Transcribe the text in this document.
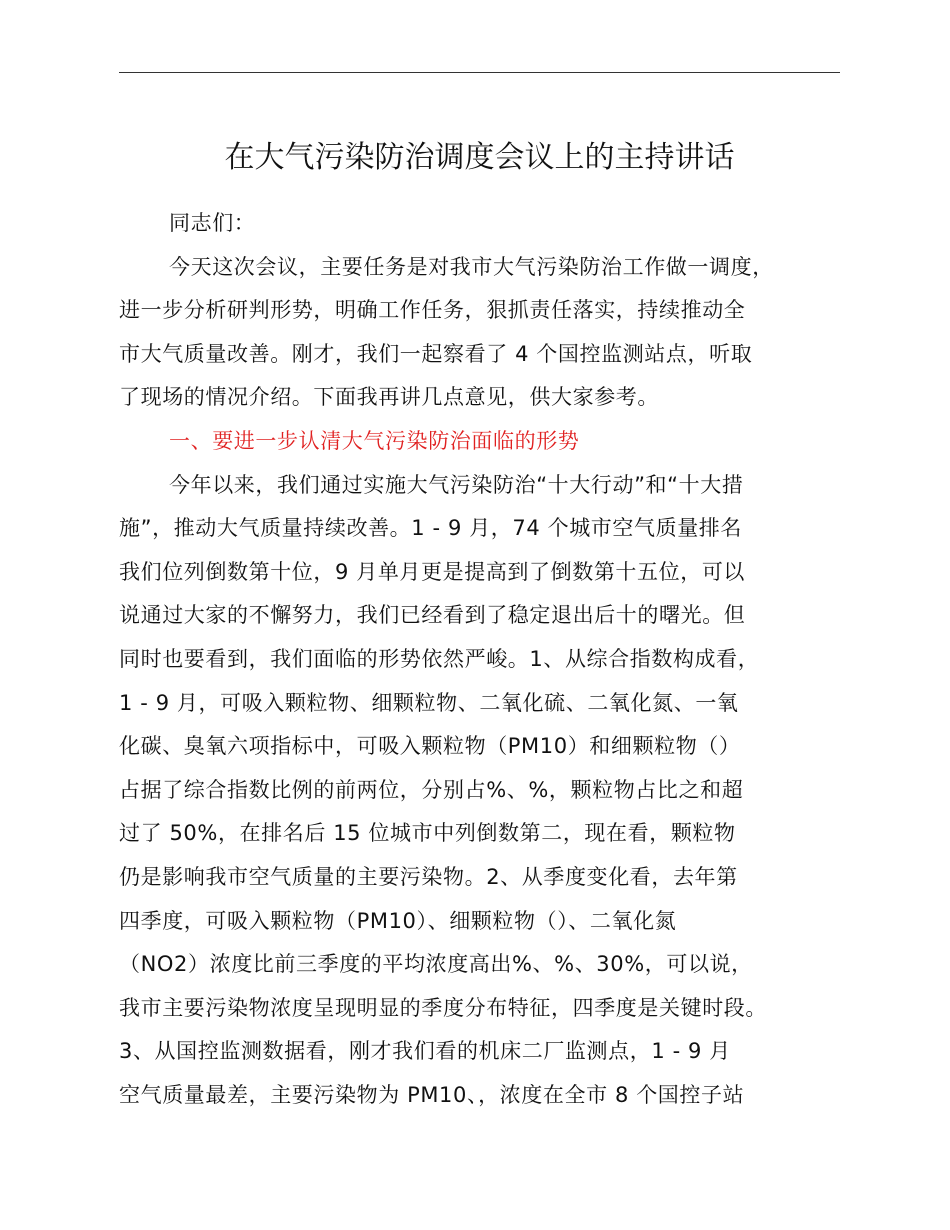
在大气污染防治调度会议上的主持讲话
同志们：
今天这次会议，主要任务是对我市大气污染防治工作做一调度，
进一步分析研判形势，明确工作任务，狠抓责任落实，持续推动全
市大气质量改善。刚才，我们一起察看了 4 个国控监测站点，听取
了现场的情况介绍。下面我再讲几点意见，供大家参考。
一、要进一步认清大气污染防治面临的形势
今年以来，我们通过实施大气污染防治“十大行动”和“十大措
施”，推动大气质量持续改善。1 - 9 月，74 个城市空气质量排名
我们位列倒数第十位，9 月单月更是提高到了倒数第十五位，可以
说通过大家的不懈努力，我们已经看到了稳定退出后十的曙光。但
同时也要看到，我们面临的形势依然严峻。1、从综合指数构成看，
1 - 9 月，可吸入颗粒物、细颗粒物、二氧化硫、二氧化氮、一氧
化碳、臭氧六项指标中，可吸入颗粒物（PM10）和细颗粒物（）
占据了综合指数比例的前两位，分别占%、%，颗粒物占比之和超
过了 50%，在排名后 15 位城市中列倒数第二，现在看，颗粒物
仍是影响我市空气质量的主要污染物。2、从季度变化看，去年第
四季度，可吸入颗粒物（PM10）、细颗粒物（）、二氧化氮
（NO2）浓度比前三季度的平均浓度高出%、%、30%，可以说，
我市主要污染物浓度呈现明显的季度分布特征，四季度是关键时段。
3、从国控监测数据看，刚才我们看的机床二厂监测点，1 - 9 月
空气质量最差，主要污染物为 PM10、，浓度在全市 8 个国控子站
